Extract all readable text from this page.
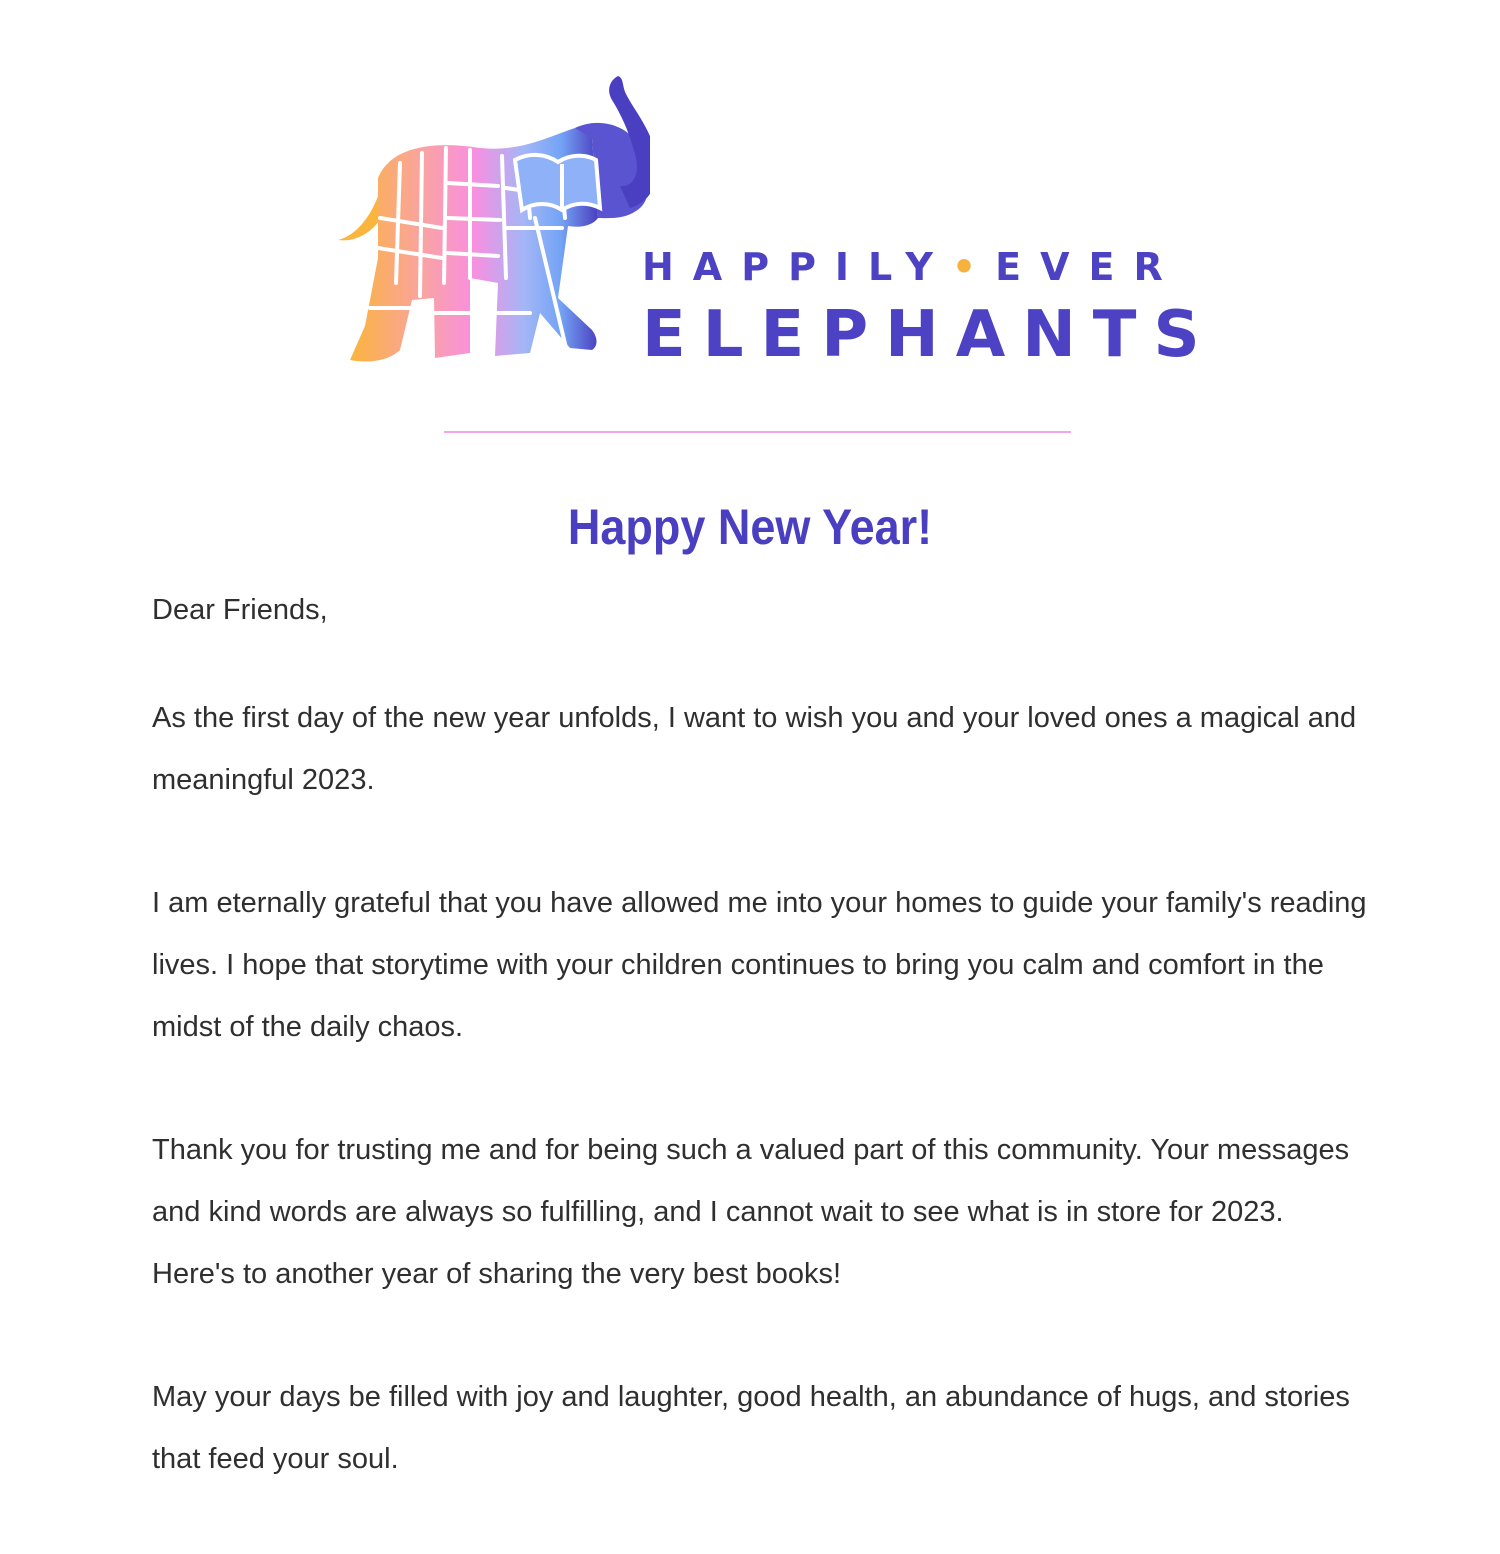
HAPPILY•EVER
ELEPHANTS
Happy New Year!

Dear Friends,

As the first day of the new year unfolds, I want to wish you and your loved ones a magical and meaningful 2023.

I am eternally grateful that you have allowed me into your homes to guide your family's reading lives. I hope that storytime with your children continues to bring you calm and comfort in the midst of the daily chaos.

Thank you for trusting me and for being such a valued part of this community. Your messages and kind words are always so fulfilling, and I cannot wait to see what is in store for 2023. Here's to another year of sharing the very best books!

May your days be filled with joy and laughter, good health, an abundance of hugs, and stories that feed your soul.
